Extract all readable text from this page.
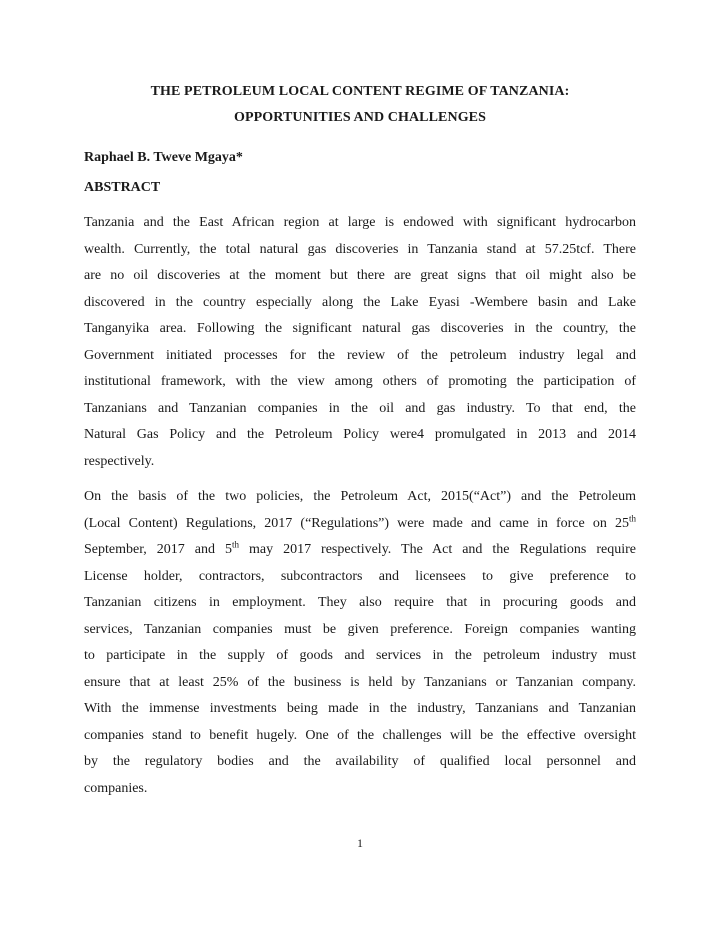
THE PETROLEUM LOCAL CONTENT REGIME OF TANZANIA:
OPPORTUNITIES AND CHALLENGES
Raphael B. Tweve Mgaya*
ABSTRACT
Tanzania and the East African region at large is endowed with significant hydrocarbon
wealth. Currently, the total natural gas discoveries in Tanzania stand at 57.25tcf. There
are no oil discoveries at the moment but there are great signs that oil might also be
discovered in the country especially along the Lake Eyasi -Wembere basin and Lake
Tanganyika area. Following the significant natural gas discoveries in the country, the
Government initiated processes for the review of the petroleum industry legal and
institutional framework, with the view among others of promoting the participation of
Tanzanians and Tanzanian companies in the oil and gas industry. To that end, the
Natural Gas Policy and the Petroleum Policy were4 promulgated in 2013 and 2014
respectively.
On the basis of the two policies, the Petroleum Act, 2015(“Act”) and the Petroleum
(Local Content) Regulations, 2017 (“Regulations”) were made and came in force on 25th
September, 2017 and 5th may 2017 respectively. The Act and the Regulations require
License holder, contractors, subcontractors and licensees to give preference to
Tanzanian citizens in employment. They also require that in procuring goods and
services, Tanzanian companies must be given preference. Foreign companies wanting
to participate in the supply of goods and services in the petroleum industry must
ensure that at least 25% of the business is held by Tanzanians or Tanzanian company.
With the immense investments being made in the industry, Tanzanians and Tanzanian
companies stand to benefit hugely. One of the challenges will be the effective oversight
by the regulatory bodies and the availability of qualified local personnel and
companies.
1
